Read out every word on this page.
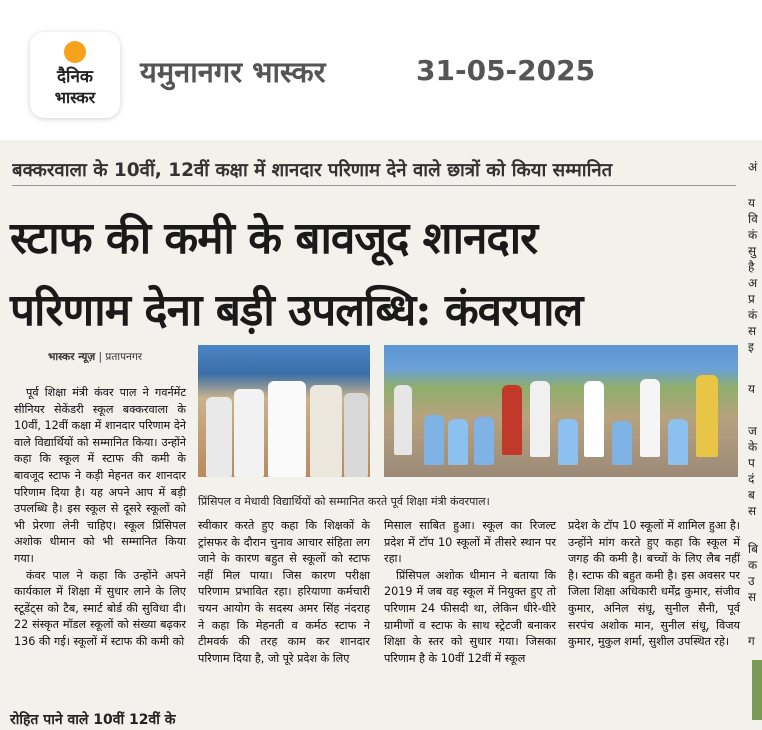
दैनिक
भास्कर
यमुनानगर भास्कर	31-05-2025
बक्करवाला के 10वीं, 12वीं कक्षा में शानदार परिणाम देने वाले छात्रों को किया सम्मानित
स्टाफ की कमी के बावजूद शानदार
परिणाम देना बड़ी उपलब्धि: कंवरपाल
भास्कर न्यूज़ | प्रतापनगर
प्रिंसिपल व मेधावी विद्यार्थियों को सम्मानित करते पूर्व शिक्षा मंत्री कंवरपाल।

पूर्व शिक्षा मंत्री कंवर पाल ने गवर्नमेंट सीनियर सेकेंडरी स्कूल बक्करवाला के 10वीं, 12वीं कक्षा में शानदार परिणाम देने वाले विद्यार्थियों को सम्मानित किया। उन्होंने कहा कि स्कूल में स्टाफ की कमी के बावजूद स्टाफ ने कड़ी मेहनत कर शानदार परिणाम दिया है। यह अपने आप में बड़ी उपलब्धि है। इस स्कूल से दूसरे स्कूलों को भी प्रेरणा लेनी चाहिए। स्कूल प्रिंसिपल अशोक धीमान को भी सम्मानित किया गया।

कंवर पाल ने कहा कि उन्होंने अपने कार्यकाल में शिक्षा में सुधार लाने के लिए स्टूडेंट्स को टैब, स्मार्ट बोर्ड की सुविधा दी। 22 संस्कृत मॉडल स्कूलों को संख्या बढ़कर 136 की गई। स्कूलों में स्टाफ की कमी को

स्वीकार करते हुए कहा कि शिक्षकों के ट्रांसफर के दौरान चुनाव आचार संहिता लग जाने के कारण बहुत से स्कूलों को स्टाफ नहीं मिल पाया। जिस कारण परीक्षा परिणाम प्रभावित रहा। हरियाणा कर्मचारी चयन आयोग के सदस्य अमर सिंह नंदराह ने कहा कि मेहनती व कर्मठ स्टाफ ने टीमवर्क की तरह काम कर शानदार परिणाम दिया है, जो पूरे प्रदेश के लिए

मिसाल साबित हुआ। स्कूल का रिजल्ट प्रदेश में टॉप 10 स्कूलों में तीसरे स्थान पर रहा।

प्रिंसिपल अशोक धीमान ने बताया कि 2019 में जब वह स्कूल में नियुक्त हुए तो परिणाम 24 फीसदी था, लेकिन धीरे-धीरे ग्रामीणों व स्टाफ के साथ स्ट्रेटजी बनाकर शिक्षा के स्तर को सुधार गया। जिसका परिणाम है के 10वीं 12वीं में स्कूल

प्रदेश के टॉप 10 स्कूलों में शामिल हुआ है। उन्होंने मांग करते हुए कहा कि स्कूल में जगह की कमी है। बच्चों के लिए लैब नहीं है। स्टाफ की बहुत कमी है। इस अवसर पर जिला शिक्षा अधिकारी धर्मेंद्र कुमार, संजीव कुमार, अनिल संधू, सुनील सैनी, पूर्व सरपंच अशोक मान, सुनील संधू, विजय कुमार, मुकुल शर्मा, सुशील उपस्थित रहे।

रोहित पाने वाले 10वीं 12वीं के
अं
य
वि
कं
सु
है
अ
प्र
कं
स
इ
य
ज
के
प
दं
ब
स
बि
क
उ
स
ग
